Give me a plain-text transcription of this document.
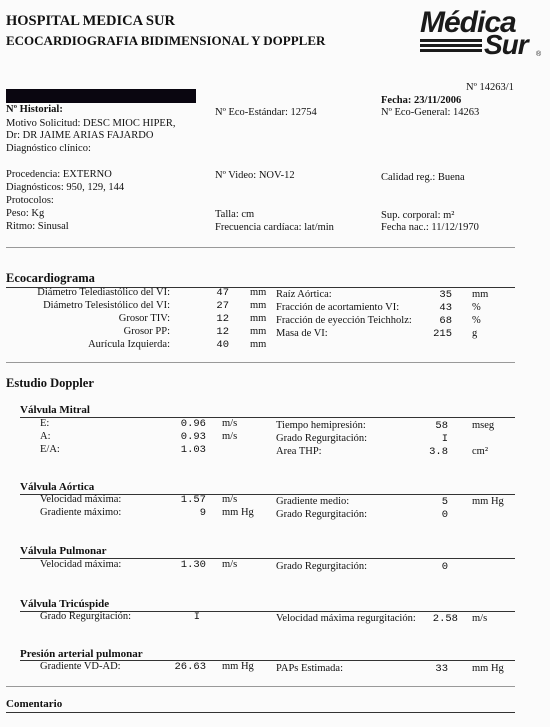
HOSPITAL MEDICA SUR
ECOCARDIOGRAFIA BIDIMENSIONAL Y DOPPLER
Médica
Sur	®
Nº 14263/1
Nº Historial:
Motivo Solicitud: DESC MIOC HIPER,
Dr: DR JAIME ARIAS FAJARDO
Diagnóstico clínico:
Nº Eco-Estándar: 12754
Fecha: 23/11/2006
Nº Eco-General: 14263
Procedencia: EXTERNO
Diagnósticos: 950, 129, 144
Protocolos:
Peso: Kg
Ritmo: Sinusal
Nº Video: NOV-12	Calidad reg.: Buena
Talla: cm
Frecuencia cardíaca: lat/min
Sup. corporal: m²
Fecha nac.: 11/12/1970
Ecocardiograma
Estudio Doppler
Válvula Mitral
Válvula Aórtica
Válvula Pulmonar
Válvula Tricúspide
Presión arterial pulmonar
Comentario
Diámetro Telediastólico del VI:	47 mm
Diámetro Telesistólico del VI:	27 mm
Grosor TIV:	12 mm
Grosor PP:	12 mm
Aurícula Izquierda:	40 mm
Raíz Aórtica:	35 mm
Fracción de acortamiento VI:	43 %
Fracción de eyección Teichholz:	68 %
Masa de VI:	215 g
E:	0.96 m/s
A:	0.93 m/s
E/A:	1.03
Tiempo hemipresión:	58 mseg
Grado Regurgitación:	I
Area THP:	3.8 cm²
Velocidad máxima:	1.57 m/s
Gradiente máximo:	9 mm Hg
Gradiente medio:	5 mm Hg
Grado Regurgitación:	0
Velocidad máxima:	1.30 m/s	Grado Regurgitación:	0
Grado Regurgitación:	I	Velocidad máxima regurgitación:	2.58 m/s
Gradiente VD-AD:	26.63 mm Hg PAPs Estimada:	33 mm Hg
